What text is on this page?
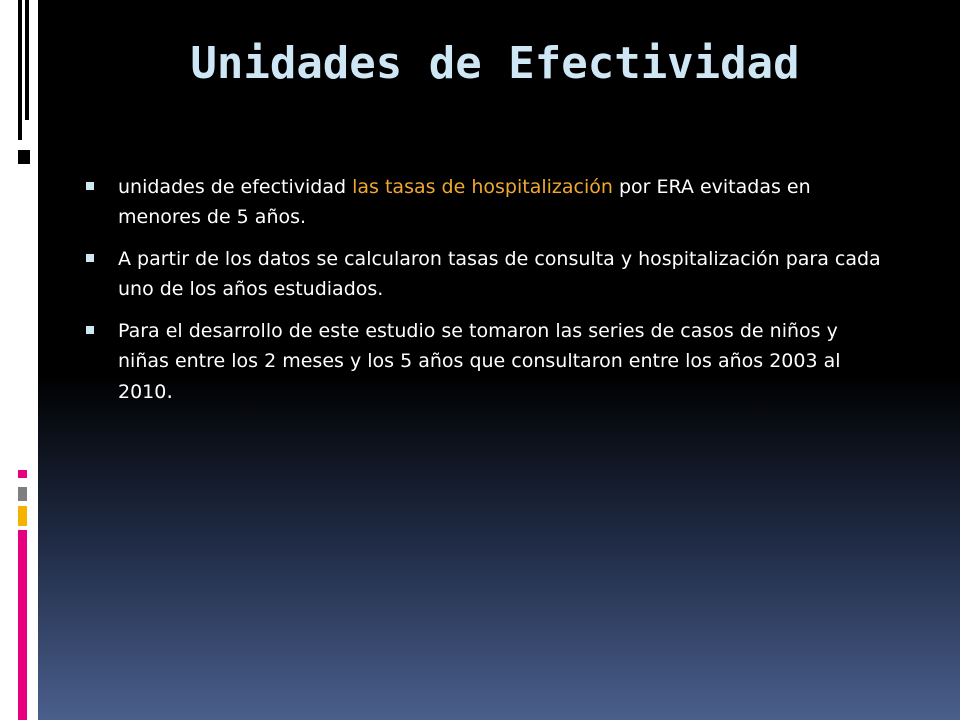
Unidades de Efectividad
unidades de efectividad las tasas de hospitalización por ERA evitadas en menores de 5 años.
A partir de los datos se calcularon tasas de consulta y hospitalización para cada uno de los años estudiados.
Para el desarrollo de este estudio se tomaron las series de casos de niños y niñas entre los 2 meses y los 5 años que consultaron entre los años 2003 al 2010.
